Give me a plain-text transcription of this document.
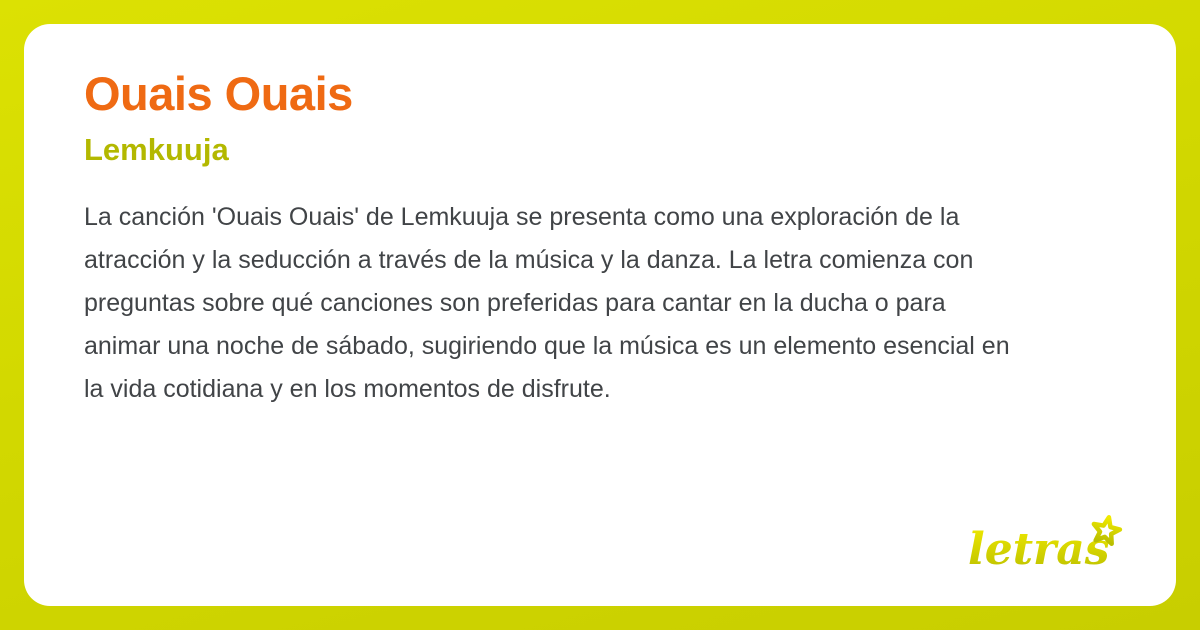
Ouais Ouais
Lemkuuja
La canción 'Ouais Ouais' de Lemkuuja se presenta como una exploración de la
atracción y la seducción a través de la música y la danza. La letra comienza con
preguntas sobre qué canciones son preferidas para cantar en la ducha o para
animar una noche de sábado, sugiriendo que la música es un elemento esencial en
la vida cotidiana y en los momentos de disfrute.
letras
